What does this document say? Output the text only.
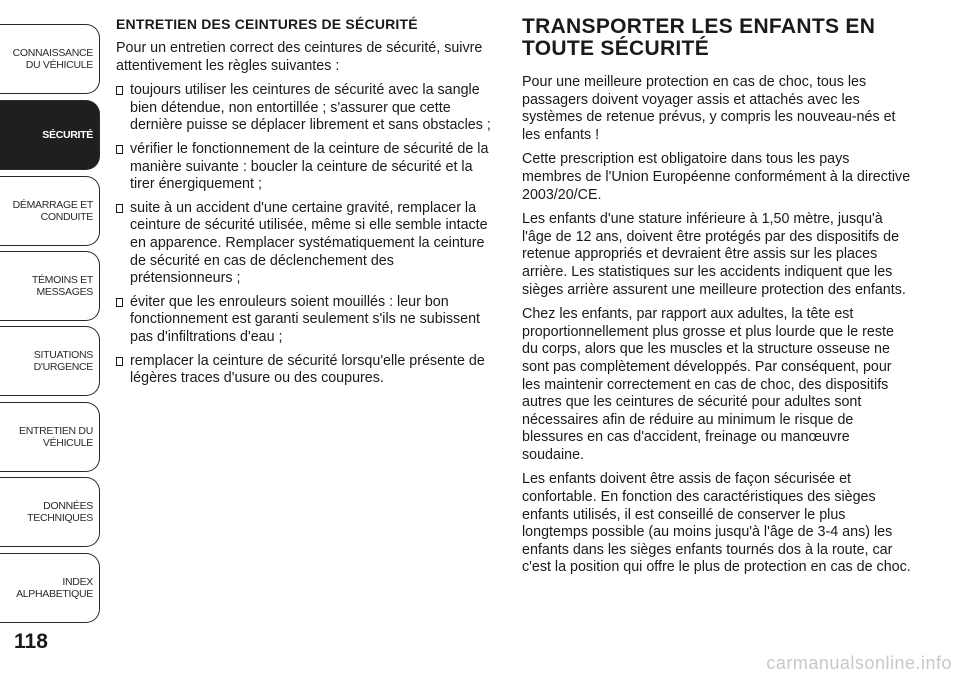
CONNAISSANCE
DU VÉHICULE
SÉCURITÉ
DÉMARRAGE ET
CONDUITE
TÉMOINS ET
MESSAGES
SITUATIONS
D'URGENCE
ENTRETIEN DU
VÉHICULE
DONNÉES
TECHNIQUES
INDEX
ALPHABETIQUE
118
ENTRETIEN DES CEINTURES DE SÉCURITÉ

Pour un entretien correct des ceintures de sécurité, suivre attentivement les règles suivantes :

toujours utiliser les ceintures de sécurité avec la sangle bien détendue, non entortillée ; s'assurer que cette dernière puisse se déplacer librement et sans obstacles ;
vérifier le fonctionnement de la ceinture de sécurité de la manière suivante : boucler la ceinture de sécurité et la tirer énergiquement ;
suite à un accident d'une certaine gravité, remplacer la ceinture de sécurité utilisée, même si elle semble intacte en apparence. Remplacer systématiquement la ceinture de sécurité en cas de déclenchement des prétensionneurs ;
éviter que les enrouleurs soient mouillés : leur bon fonctionnement est garanti seulement s'ils ne subissent pas d'infiltrations d'eau ;
remplacer la ceinture de sécurité lorsqu'elle présente de légères traces d'usure ou des coupures.
TRANSPORTER LES ENFANTS EN
TOUTE SÉCURITÉ

Pour une meilleure protection en cas de choc, tous les passagers doivent voyager assis et attachés avec les systèmes de retenue prévus, y compris les nouveau-nés et les enfants !

Cette prescription est obligatoire dans tous les pays membres de l'Union Européenne conformément à la directive 2003/20/CE.

Les enfants d'une stature inférieure à 1,50 mètre, jusqu'à l'âge de 12 ans, doivent être protégés par des dispositifs de retenue appropriés et devraient être assis sur les places arrière. Les statistiques sur les accidents indiquent que les sièges arrière assurent une meilleure protection des enfants.

Chez les enfants, par rapport aux adultes, la tête est proportionnellement plus grosse et plus lourde que le reste du corps, alors que les muscles et la structure osseuse ne sont pas complètement développés. Par conséquent, pour les maintenir correctement en cas de choc, des dispositifs autres que les ceintures de sécurité pour adultes sont nécessaires afin de réduire au minimum le risque de blessures en cas d'accident, freinage ou manœuvre soudaine.

Les enfants doivent être assis de façon sécurisée et confortable. En fonction des caractéristiques des sièges enfants utilisés, il est conseillé de conserver le plus longtemps possible (au moins jusqu'à l'âge de 3-4 ans) les enfants dans les sièges enfants tournés dos à la route, car c'est la position qui offre le plus de protection en cas de choc.

carmanualsonline.info
